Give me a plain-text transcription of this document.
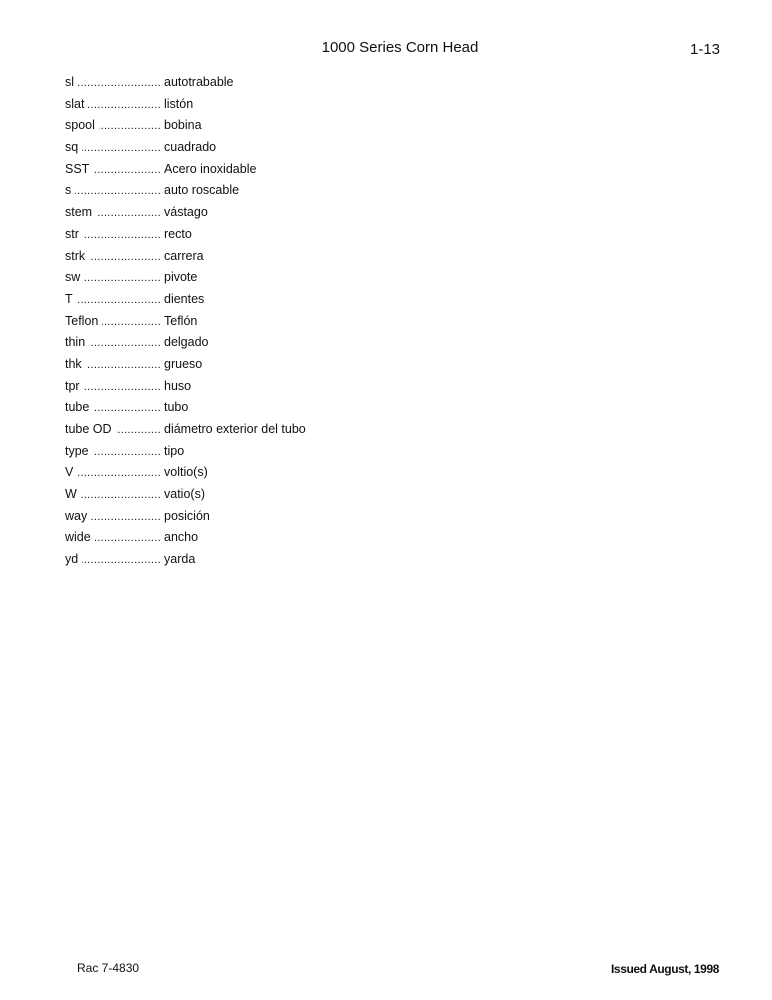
1000 Series Corn Head	1-13
sl .....	autotrabable
slat .....	listón
spool .....	bobina
sq .....	cuadrado
SST .....	Acero inoxidable
s .....	auto roscable
stem .....	vástago
str .....	recto
strk .....	carrera
sw .....	pivote
T .....	dientes
Teflon .....	Teflón
thin .....	delgado
thk .....	grueso
tpr .....	huso
tube .....	tubo
tube OD .....	diámetro exterior del tubo
type .....	tipo
V .....	voltio(s)
W .....	vatio(s)
way .....	posición
wide .....	ancho
yd .....	yarda
Rac 7-4830	Issued August, 1998
